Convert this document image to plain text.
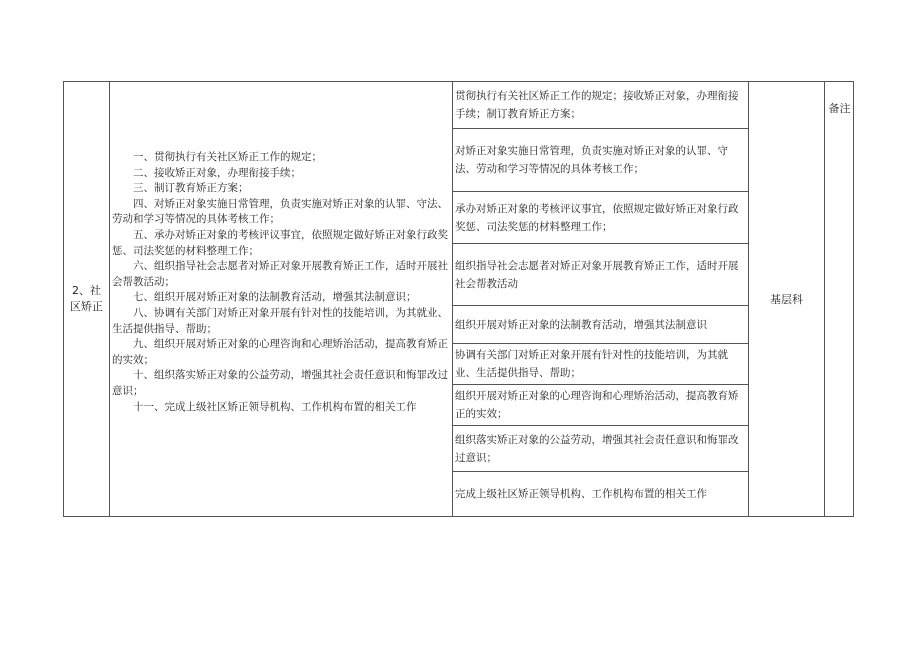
2、社区矫正

一、贯彻执行有关社区矫正工作的规定；

二、接收矫正对象，办理衔接手续；

三、制订教育矫正方案；

四、对矫正对象实施日常管理，负责实施对矫正对象的认罪、守法、劳动和学习等情况的具体考核工作；

五、承办对矫正对象的考核评议事宜，依照规定做好矫正对象行政奖惩、司法奖惩的材料整理工作；

六、组织指导社会志愿者对矫正对象开展教育矫正工作，适时开展社会帮教活动；

七、组织开展对矫正对象的法制教育活动，增强其法制意识；

八、协调有关部门对矫正对象开展有针对性的技能培训，为其就业、生活提供指导、帮助；

九、组织开展对矫正对象的心理咨询和心理矫治活动，提高教育矫正的实效；

十、组织落实矫正对象的公益劳动，增强其社会责任意识和悔罪改过意识；

十一、完成上级社区矫正领导机构、工作机构布置的相关工作

贯彻执行有关社区矫正工作的规定；接收矫正对象，办理衔接手续；制订教育矫正方案；
对矫正对象实施日常管理，负责实施对矫正对象的认罪、守法、劳动和学习等情况的具体考核工作；
承办对矫正对象的考核评议事宜，依照规定做好矫正对象行政奖惩、司法奖惩的材料整理工作；
组织指导社会志愿者对矫正对象开展教育矫正工作，适时开展社会帮教活动
组织开展对矫正对象的法制教育活动，增强其法制意识
协调有关部门对矫正对象开展有针对性的技能培训，为其就业、生活提供指导、帮助；
组织开展对矫正对象的心理咨询和心理矫治活动，提高教育矫正的实效；
组织落实矫正对象的公益劳动，增强其社会责任意识和悔罪改过意识；
完成上级社区矫正领导机构、工作机构布置的相关工作
基层科
备注
